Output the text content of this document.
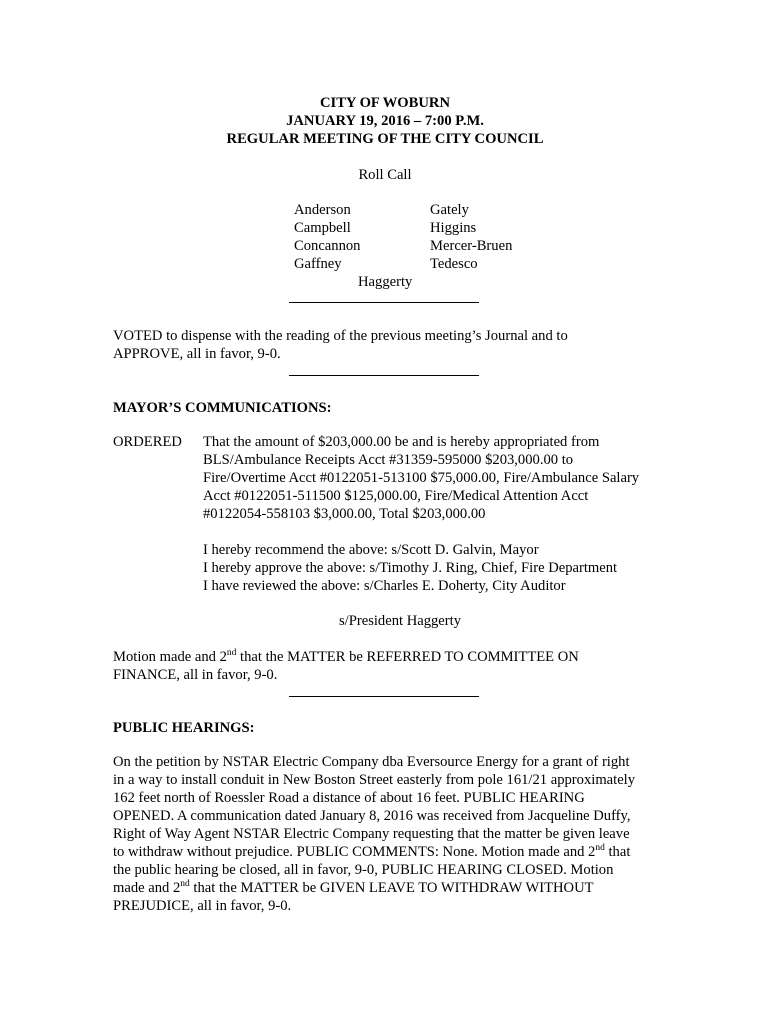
CITY OF WOBURN
JANUARY 19, 2016 – 7:00 P.M.
REGULAR MEETING OF THE CITY COUNCIL
Roll Call
Anderson
Campbell
Concannon
Gaffney
Gately
Higgins
Mercer-Bruen
Tedesco
Haggerty
VOTED to dispense with the reading of the previous meeting’s Journal and to
APPROVE, all in favor, 9-0.
MAYOR’S COMMUNICATIONS:
ORDERED That the amount of $203,000.00 be and is hereby appropriated from
BLS/Ambulance Receipts Acct #31359-595000 $203,000.00 to
Fire/Overtime Acct #0122051-513100 $75,000.00, Fire/Ambulance Salary
Acct #0122051-511500 $125,000.00, Fire/Medical Attention Acct
#0122054-558103 $3,000.00, Total $203,000.00
I hereby recommend the above: s/Scott D. Galvin, Mayor
I hereby approve the above: s/Timothy J. Ring, Chief, Fire Department
I have reviewed the above: s/Charles E. Doherty, City Auditor
s/President Haggerty
Motion made and 2nd that the MATTER be REFERRED TO COMMITTEE ON
FINANCE, all in favor, 9-0.
PUBLIC HEARINGS:
On the petition by NSTAR Electric Company dba Eversource Energy for a grant of right
in a way to install conduit in New Boston Street easterly from pole 161/21 approximately
162 feet north of Roessler Road a distance of about 16 feet. PUBLIC HEARING
OPENED. A communication dated January 8, 2016 was received from Jacqueline Duffy,
Right of Way Agent NSTAR Electric Company requesting that the matter be given leave
to withdraw without prejudice. PUBLIC COMMENTS: None. Motion made and 2nd that
the public hearing be closed, all in favor, 9-0, PUBLIC HEARING CLOSED. Motion
made and 2nd that the MATTER be GIVEN LEAVE TO WITHDRAW WITHOUT
PREJUDICE, all in favor, 9-0.
